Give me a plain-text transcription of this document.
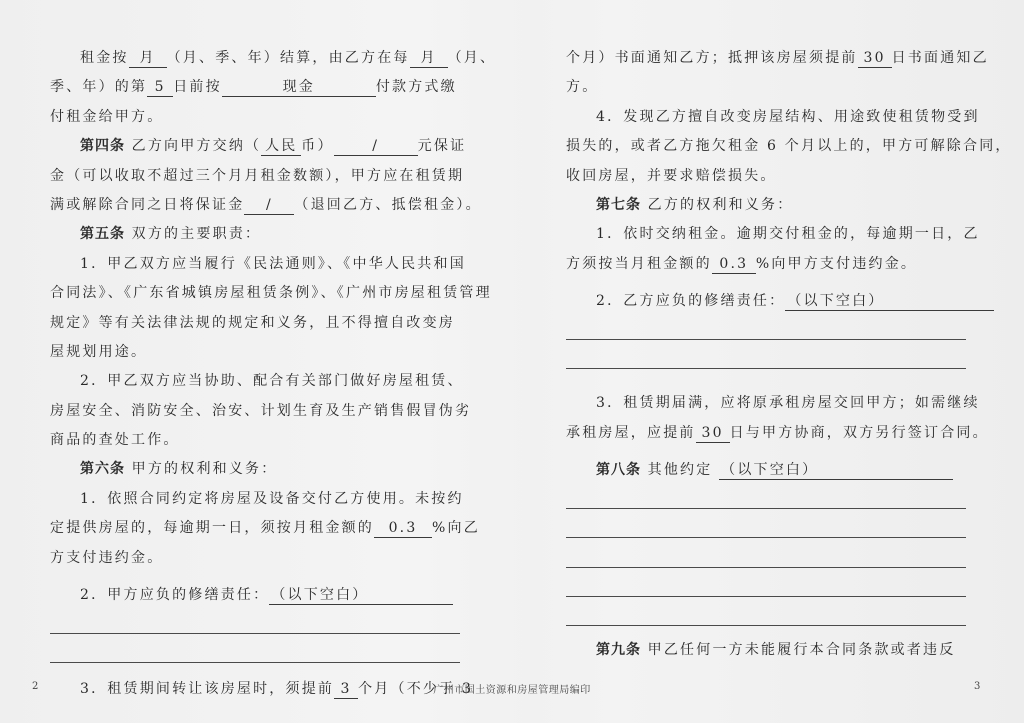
租金按 月 （月、季、年）结算，由乙方在每 月 （月、
季、年）的第 5 日前按	现金	付款方式缴
付租金给甲方。
第四条 乙方向甲方交纳（ 人民 币）	/	元保证
金（可以收取不超过三个月月租金数额），甲方应在租赁期
满或解除合同之日将保证金 / （退回乙方、抵偿租金）。
第五条 双方的主要职责：
1．甲乙双方应当履行《民法通则》、《中华人民共和国
合同法》、《广东省城镇房屋租赁条例》、《广州市房屋租赁管理
规定》等有关法律法规的规定和义务，且不得擅自改变房
屋规划用途。
2．甲乙双方应当协助、配合有关部门做好房屋租赁、
房屋安全、消防安全、治安、计划生育及生产销售假冒伪劣
商品的查处工作。
第六条 甲方的权利和义务：
1．依照合同约定将房屋及设备交付乙方使用。未按约
定提供房屋的，每逾期一日，须按月租金额的 0.3 %向乙
方支付违约金。
2．甲方应负的修缮责任： （以下空白）
3．租赁期间转让该房屋时，须提前 3 个月（不少于 3
个月）书面通知乙方；抵押该房屋须提前 30 日书面通知乙
方。
4．发现乙方擅自改变房屋结构、用途致使租赁物受到
损失的，或者乙方拖欠租金 6 个月以上的，甲方可解除合同，
收回房屋，并要求赔偿损失。
第七条 乙方的权利和义务：
1．依时交纳租金。逾期交付租金的，每逾期一日，乙
方须按当月租金额的 0.3 %向甲方支付违约金。
2．乙方应负的修缮责任： （以下空白）
3．租赁期届满，应将原承租房屋交回甲方；如需继续
承租房屋，应提前 30 日与甲方协商，双方另行签订合同。
第八条 其他约定 （以下空白）
第九条 甲乙任何一方未能履行本合同条款或者违反
2	广州市国土资源和房屋管理局编印	3
